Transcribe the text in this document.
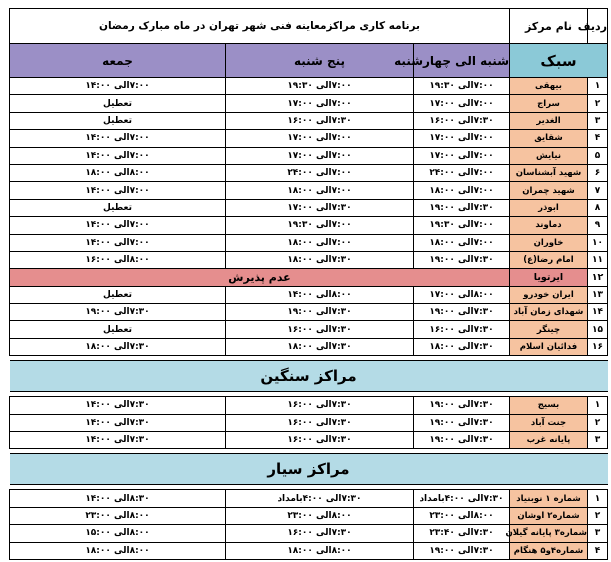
ردیف	نام مرکز	برنامه کاری مراکزمعاینه فنی شهر تهران در ماه مبارک رمضان		
سبک		شنبه الی چهارشنبه	پنج شنبه	جمعه
۱	بیهقی	۷:۰۰الی ۱۹:۳۰	۷:۰۰الی ۱۹:۳۰	۷:۰۰الی ۱۴:۰۰
۲	سراج	۷:۰۰الی ۱۷:۰۰	۷:۰۰الی ۱۷:۰۰	تعطیل
۳	الغدیر	۷:۳۰الی ۱۶:۰۰	۷:۳۰الی ۱۶:۰۰	تعطیل
۴	شقایق	۷:۰۰الی ۱۷:۰۰	۷:۰۰الی ۱۷:۰۰	۷:۰۰الی ۱۴:۰۰
۵	نیایش	۷:۰۰الی ۱۷:۰۰	۷:۰۰الی ۱۷:۰۰	۷:۰۰الی ۱۴:۰۰
۶	شهید آبشناسان	۷:۰۰الی ۲۴:۰۰	۷:۰۰الی ۲۴:۰۰	۸:۰۰الی ۱۸:۰۰
۷	شهید چمران	۷:۰۰الی ۱۸:۰۰	۷:۰۰الی ۱۸:۰۰	۷:۰۰الی ۱۴:۰۰
۸	ابوذر	۷:۳۰الی ۱۹:۰۰	۷:۳۰الی ۱۷:۰۰	تعطیل
۹	دماوند	۷:۰۰الی ۱۹:۳۰	۷:۰۰الی ۱۹:۳۰	۷:۰۰الی ۱۴:۰۰
۱۰	خاوران	۷:۰۰الی ۱۸:۰۰	۷:۰۰الی ۱۸:۰۰	۷:۰۰الی ۱۴:۰۰
۱۱	امام رضا(ع)	۷:۳۰الی ۱۹:۰۰	۷:۳۰الی ۱۸:۰۰	۸:۰۰الی ۱۶:۰۰
۱۲	ایرتویا	عدم پذیرش		
۱۳	ایران خودرو	۸:۰۰الی ۱۷:۰۰	۸:۰۰الی ۱۴:۰۰	تعطیل
۱۴	شهدای زمان آباد	۷:۳۰الی ۱۹:۰۰	۷:۳۰الی ۱۹:۰۰	۷:۳۰الی ۱۹:۰۰
۱۵	چینگر	۷:۳۰الی ۱۶:۰۰	۷:۳۰الی ۱۶:۰۰	تعطیل
۱۶	فدائیان اسلام	۷:۳۰الی ۱۸:۰۰	۷:۳۰الی ۱۸:۰۰	۷:۳۰الی ۱۸:۰۰

مراکز سنگین				

۱	بسیج	۷:۳۰الی ۱۹:۰۰	۷:۳۰الی ۱۶:۰۰	۷:۳۰الی ۱۴:۰۰
۲	جنت آباد	۷:۳۰الی ۱۹:۰۰	۷:۳۰الی ۱۶:۰۰	۷:۳۰الی ۱۴:۰۰
۳	پایانه غرب	۷:۳۰الی ۱۹:۰۰	۷:۳۰الی ۱۶:۰۰	۷:۳۰الی ۱۴:۰۰

مراکز سیار				

۱	شماره ۱ نوبنیاد	۷:۳۰الی ۴:۰۰بامداد	۷:۳۰الی ۴:۰۰بامداد	۸:۳۰الی ۱۴:۰۰
۲	شماره۲ اوشان	۸:۰۰الی ۲۳:۰۰	۸:۰۰الی ۲۳:۰۰	۸:۰۰الی ۲۳:۰۰
۳	شماره۳ پایانه گیلان	۷:۳۰الی ۲۳:۴۰	۷:۳۰الی ۱۶:۰۰	۸:۰۰الی ۱۵:۰۰
۴	شماره۴و۵ هنگام	۷:۳۰الی ۱۹:۰۰	۸:۰۰الی ۱۸:۰۰	۸:۰۰الی ۱۸:۰۰
